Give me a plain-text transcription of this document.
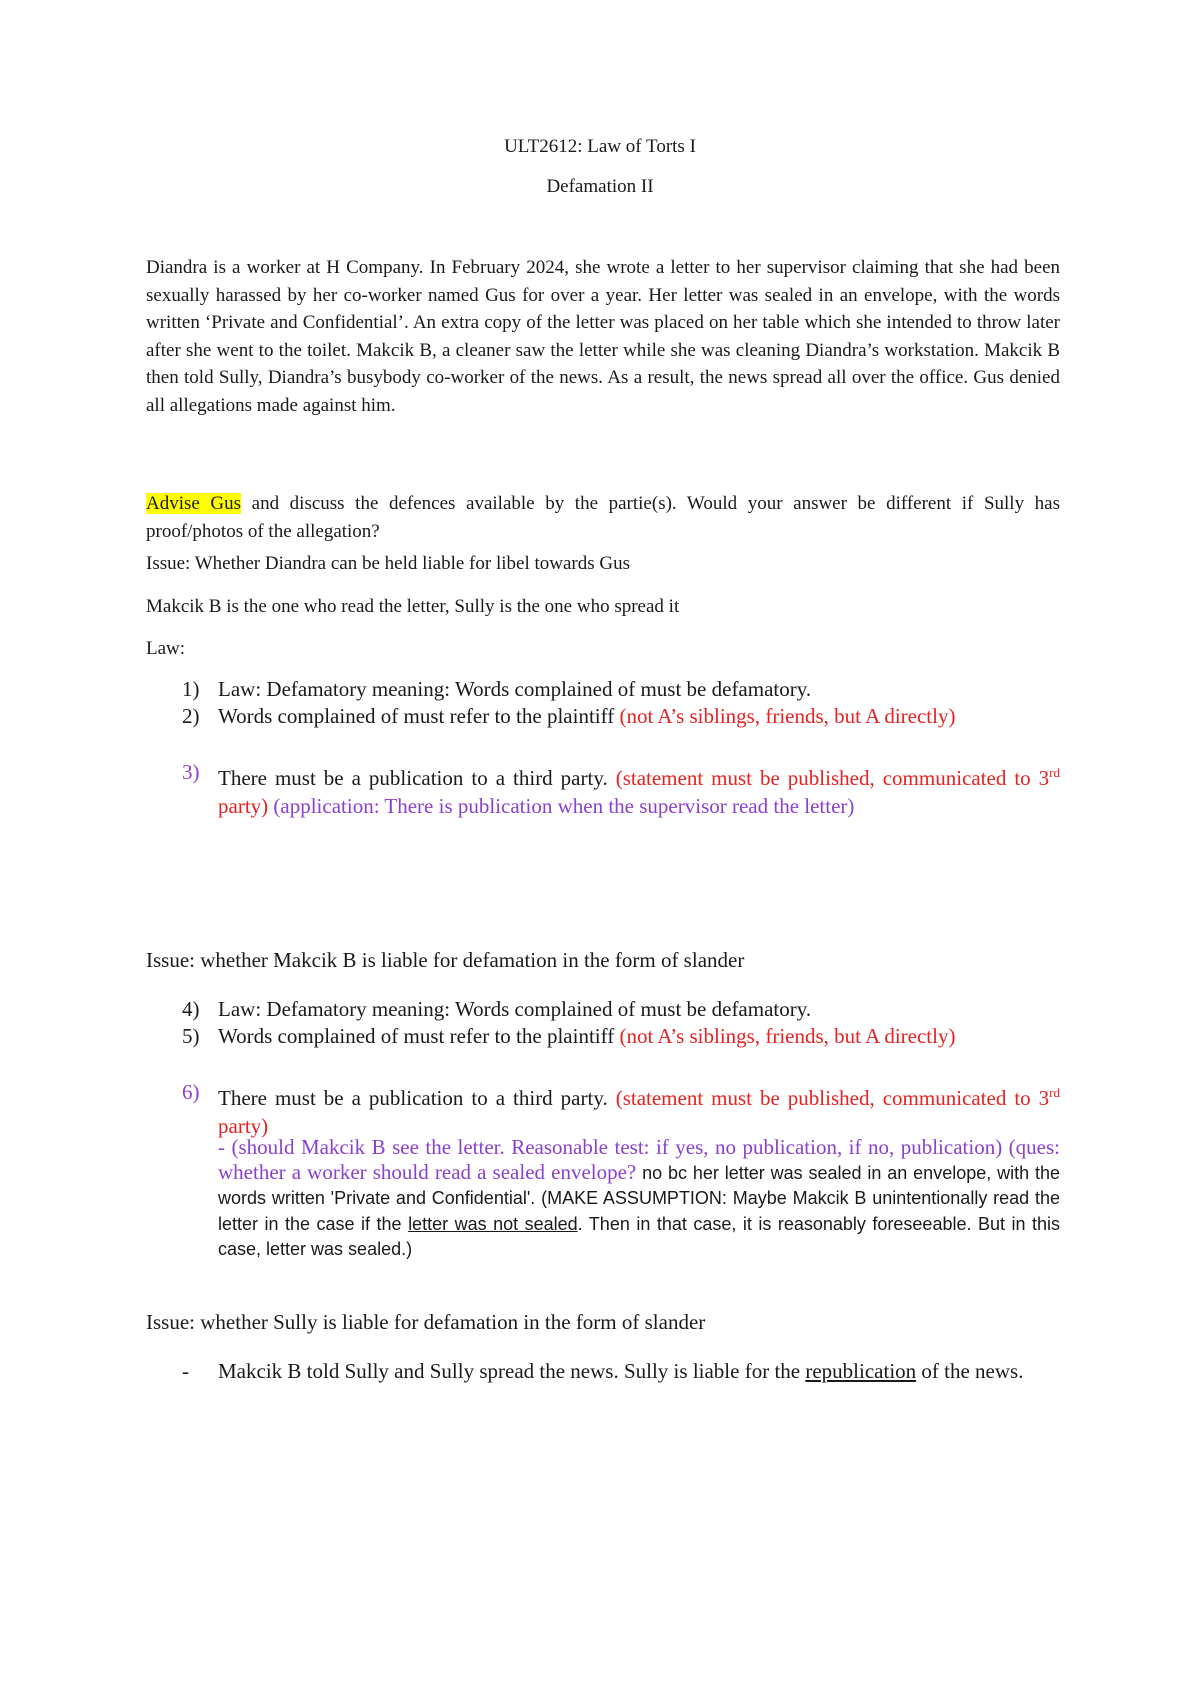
ULT2612: Law of Torts I
Defamation II
Diandra is a worker at H Company. In February 2024, she wrote a letter to her supervisor claiming that she had been sexually harassed by her co-worker named Gus for over a year. Her letter was sealed in an envelope, with the words written ‘Private and Confidential’. An extra copy of the letter was placed on her table which she intended to throw later after she went to the toilet. Makcik B, a cleaner saw the letter while she was cleaning Diandra’s workstation. Makcik B then told Sully, Diandra’s busybody co-worker of the news. As a result, the news spread all over the office. Gus denied all allegations made against him.
Advise Gus and discuss the defences available by the partie(s). Would your answer be different if Sully has proof/photos of the allegation?
Issue: Whether Diandra can be held liable for libel towards Gus
Makcik B is the one who read the letter, Sully is the one who spread it
Law:
1) Law: Defamatory meaning: Words complained of must be defamatory.
2) Words complained of must refer to the plaintiff (not A’s siblings, friends, but A directly)
3) There must be a publication to a third party. (statement must be published, communicated to 3rd party) (application: There is publication when the supervisor read the letter)
Issue: whether Makcik B is liable for defamation in the form of slander
4) Law: Defamatory meaning: Words complained of must be defamatory.
5) Words complained of must refer to the plaintiff (not A’s siblings, friends, but A directly)
6) There must be a publication to a third party. (statement must be published, communicated to 3rd party)
- (should Makcik B see the letter. Reasonable test: if yes, no publication, if no, publication) (ques: whether a worker should read a sealed envelope? no bc her letter was sealed in an envelope, with the words written 'Private and Confidential'. (MAKE ASSUMPTION: Maybe Makcik B unintentionally read the letter in the case if the letter was not sealed. Then in that case, it is reasonably foreseeable. But in this case, letter was sealed.)
Issue: whether Sully is liable for defamation in the form of slander
- Makcik B told Sully and Sully spread the news. Sully is liable for the republication of the news.
